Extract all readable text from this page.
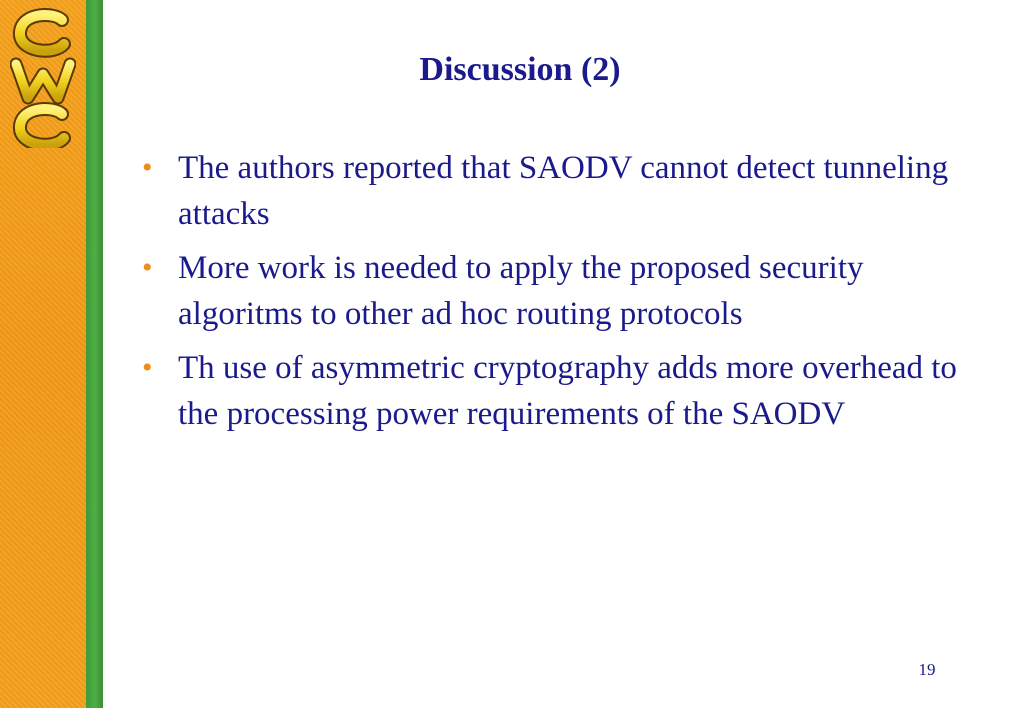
Discussion (2)
• The authors reported that SAODV cannot detect tunneling attacks
• More work is needed to apply the proposed security algoritms to other ad hoc routing protocols
• Th use of asymmetric cryptography adds more overhead to the processing power requirements of the SAODV
19
